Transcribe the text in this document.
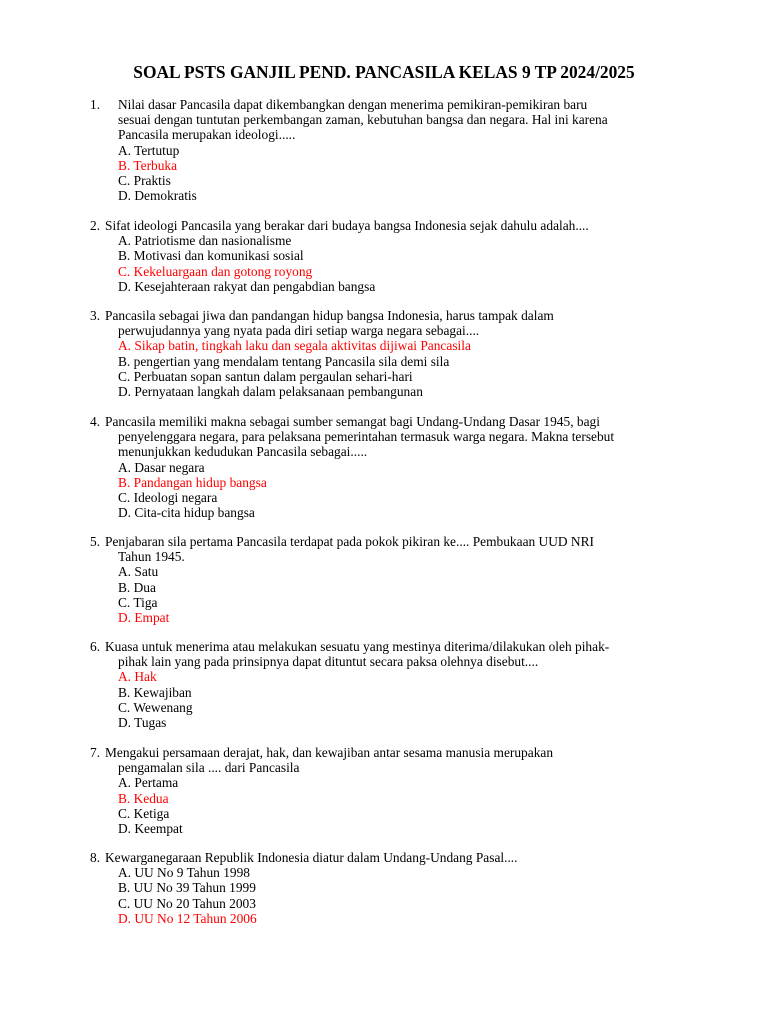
SOAL PSTS GANJIL PEND. PANCASILA KELAS 9 TP 2024/2025
1. Nilai dasar Pancasila dapat dikembangkan dengan menerima pemikiran-pemikiran baru
sesuai dengan tuntutan perkembangan zaman, kebutuhan bangsa dan negara. Hal ini karena
Pancasila merupakan ideologi.....
A. Tertutup
B. Terbuka
C. Praktis
D. Demokratis
2. Sifat ideologi Pancasila yang berakar dari budaya bangsa Indonesia sejak dahulu adalah....
A. Patriotisme dan nasionalisme
B. Motivasi dan komunikasi sosial
C. Kekeluargaan dan gotong royong
D. Kesejahteraan rakyat dan pengabdian bangsa
3. Pancasila sebagai jiwa dan pandangan hidup bangsa Indonesia, harus tampak dalam
perwujudannya yang nyata pada diri setiap warga negara sebagai....
A. Sikap batin, tingkah laku dan segala aktivitas dijiwai Pancasila
B. pengertian yang mendalam tentang Pancasila sila demi sila
C. Perbuatan sopan santun dalam pergaulan sehari-hari
D. Pernyataan langkah dalam pelaksanaan pembangunan
4. Pancasila memiliki makna sebagai sumber semangat bagi Undang-Undang Dasar 1945, bagi
penyelenggara negara, para pelaksana pemerintahan termasuk warga negara. Makna tersebut
menunjukkan kedudukan Pancasila sebagai.....
A. Dasar negara
B. Pandangan hidup bangsa
C. Ideologi negara
D. Cita-cita hidup bangsa
5. Penjabaran sila pertama Pancasila terdapat pada pokok pikiran ke.... Pembukaan UUD NRI
Tahun 1945.
A. Satu
B. Dua
C. Tiga
D. Empat
6. Kuasa untuk menerima atau melakukan sesuatu yang mestinya diterima/dilakukan oleh pihak-
pihak lain yang pada prinsipnya dapat dituntut secara paksa olehnya disebut....
A. Hak
B. Kewajiban
C. Wewenang
D. Tugas
7. Mengakui persamaan derajat, hak, dan kewajiban antar sesama manusia merupakan
pengamalan sila .... dari Pancasila
A. Pertama
B. Kedua
C. Ketiga
D. Keempat
8. Kewarganegaraan Republik Indonesia diatur dalam Undang-Undang Pasal....
A. UU No 9 Tahun 1998
B. UU No 39 Tahun 1999
C. UU No 20 Tahun 2003
D. UU No 12 Tahun 2006
